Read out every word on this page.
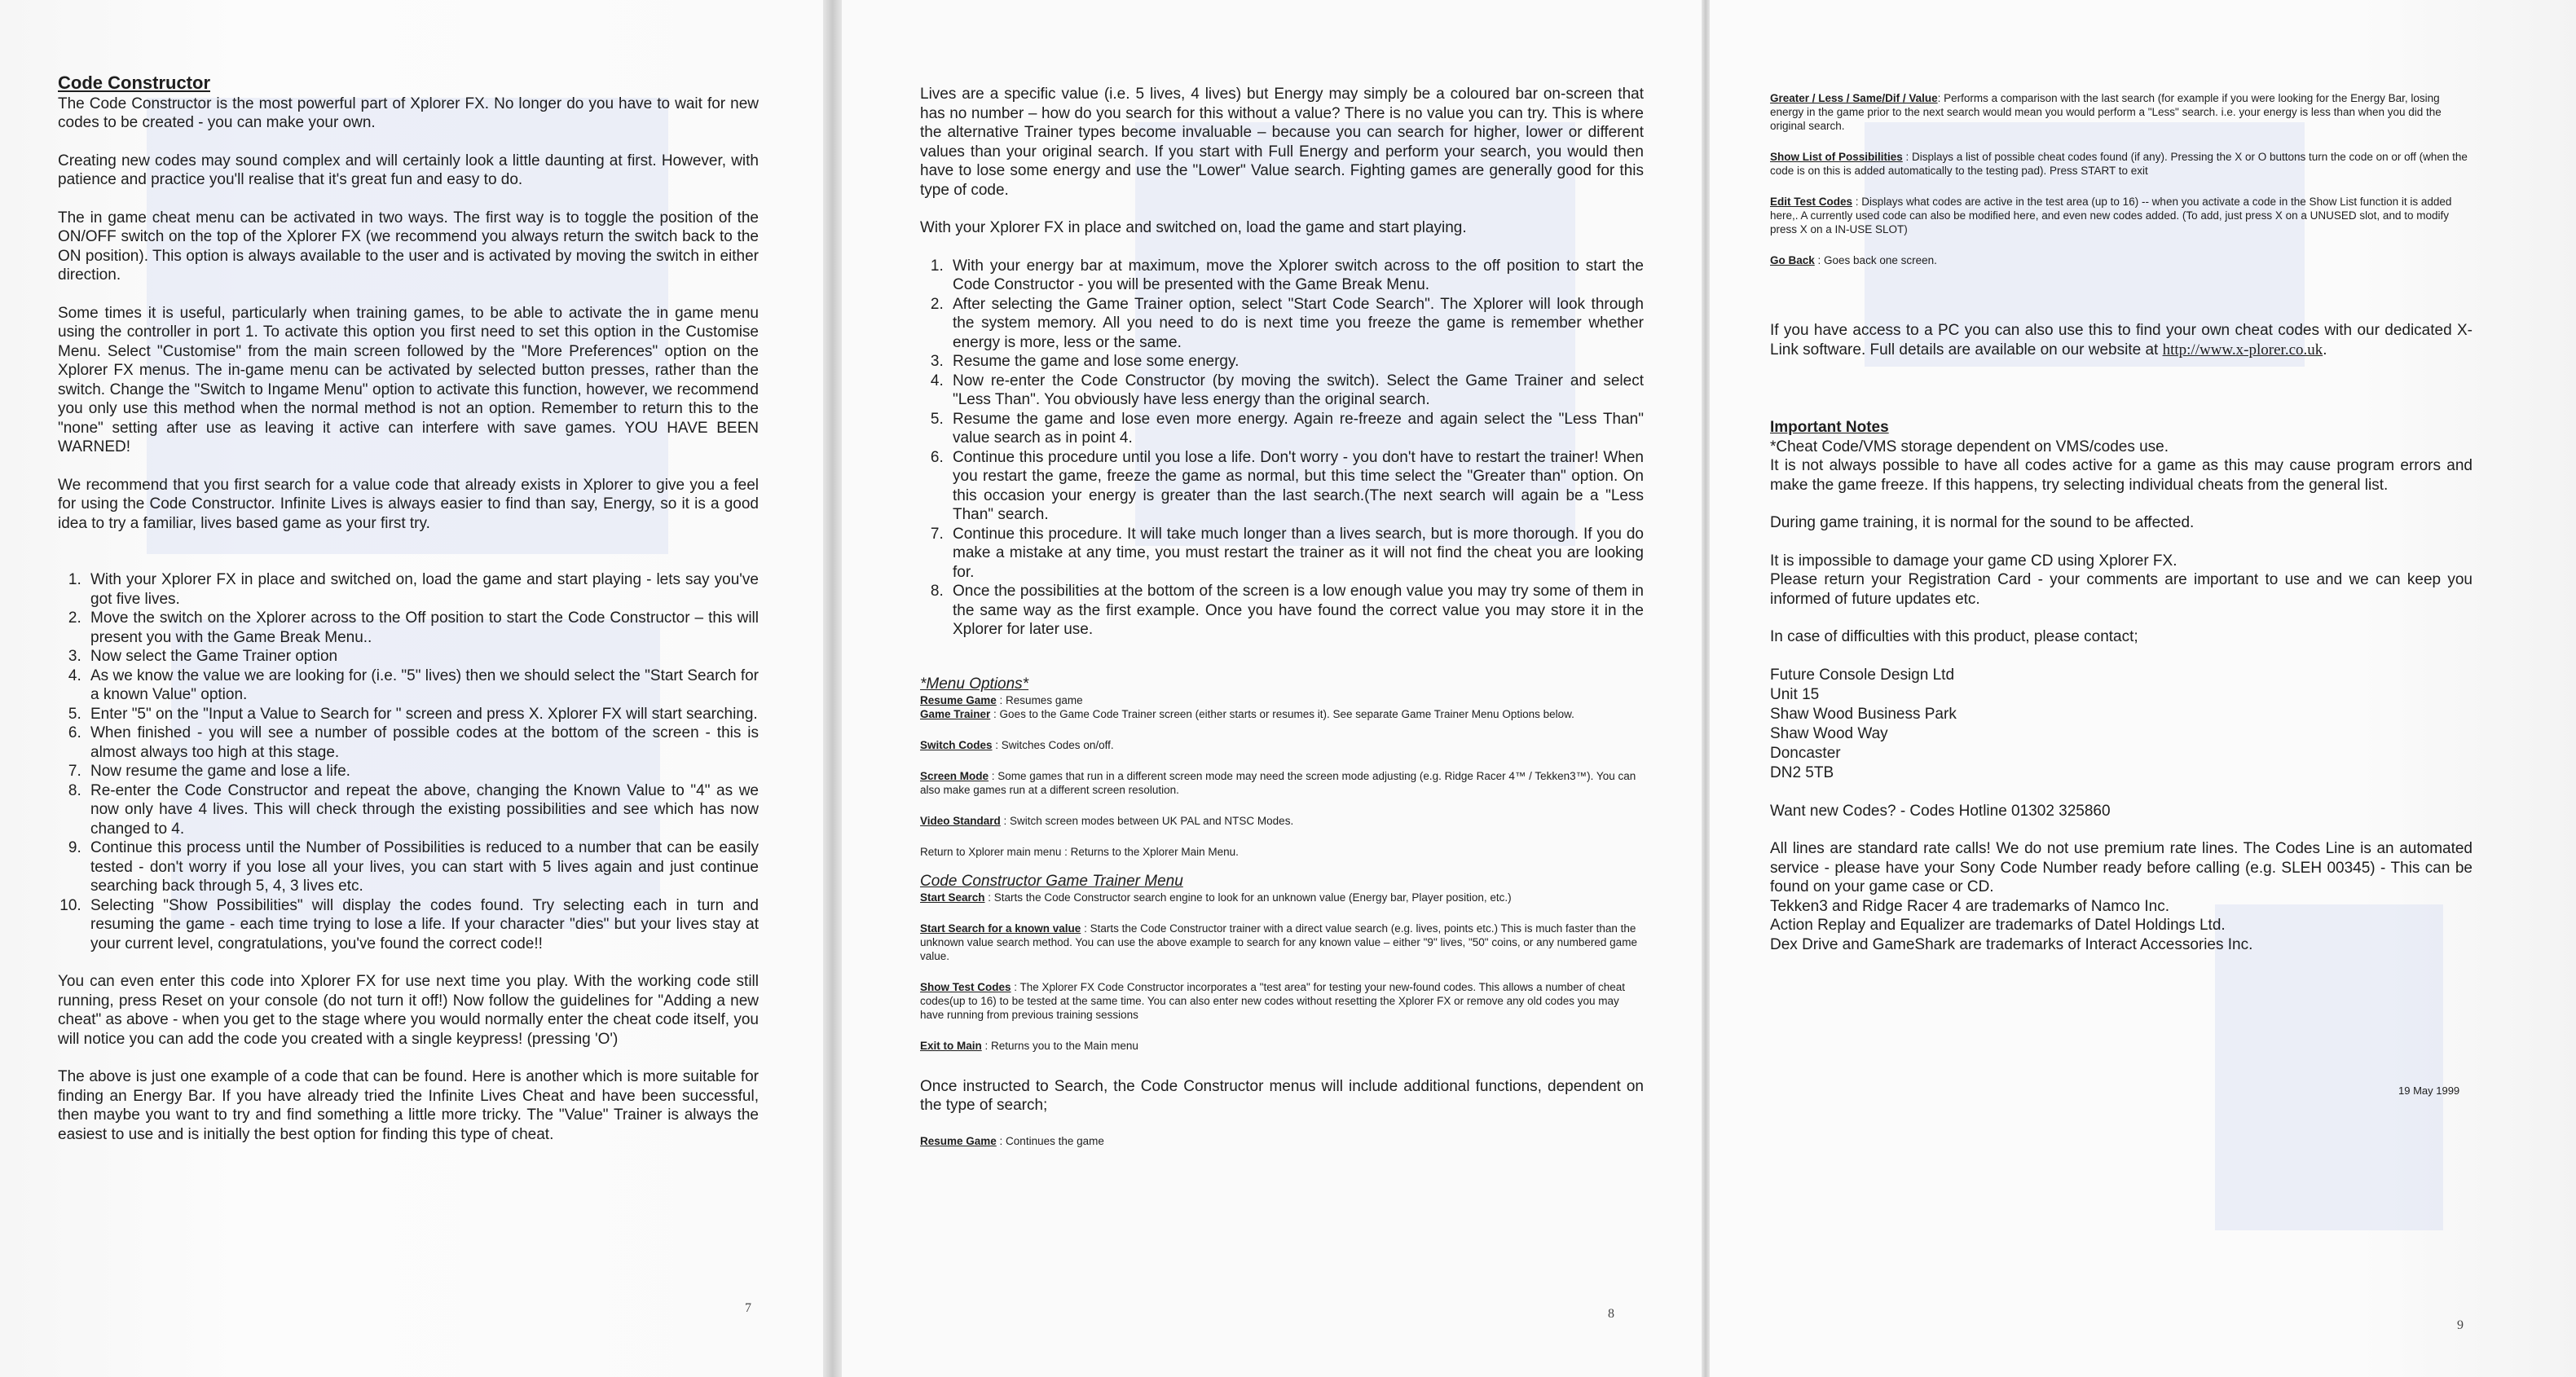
Code Constructor

The Code Constructor is the most powerful part of Xplorer FX. No longer do you have to wait for new codes to be created - you can make your own.

Creating new codes may sound complex and will certainly look a little daunting at first. However, with patience and practice you'll realise that it's great fun and easy to do.

The in game cheat menu can be activated in two ways. The first way is to toggle the position of the ON/OFF switch on the top of the Xplorer FX (we recommend you always return the switch back to the ON position). This option is always available to the user and is activated by moving the switch in either direction.

Some times it is useful, particularly when training games, to be able to activate the in game menu using the controller in port 1. To activate this option you first need to set this option in the Customise Menu. Select "Customise" from the main screen followed by the "More Preferences" option on the Xplorer FX menus. The in-game menu can be activated by selected button presses, rather than the switch. Change the "Switch to Ingame Menu" option to activate this function, however, we recommend you only use this method when the normal method is not an option. Remember to return this to the "none" setting after use as leaving it active can interfere with save games. YOU HAVE BEEN WARNED!

We recommend that you first search for a value code that already exists in Xplorer to give you a feel for using the Code Constructor. Infinite Lives is always easier to find than say, Energy, so it is a good idea to try a familiar, lives based game as your first try.

1. With your Xplorer FX in place and switched on, load the game and start playing - lets say you've got five lives.
2. Move the switch on the Xplorer across to the Off position to start the Code Constructor – this will present you with the Game Break Menu..
3. Now select the Game Trainer option
4. As we know the value we are looking for (i.e. "5" lives) then we should select the "Start Search for a known Value" option.
5. Enter "5" on the "Input a Value to Search for " screen and press X. Xplorer FX will start searching.
6. When finished - you will see a number of possible codes at the bottom of the screen - this is almost always too high at this stage.
7. Now resume the game and lose a life.
8. Re-enter the Code Constructor and repeat the above, changing the Known Value to "4" as we now only have 4 lives. This will check through the existing possibilities and see which has now changed to 4.
9. Continue this process until the Number of Possibilities is reduced to a number that can be easily tested - don't worry if you lose all your lives, you can start with 5 lives again and just continue searching back through 5, 4, 3 lives etc.
10. Selecting "Show Possibilities" will display the codes found. Try selecting each in turn and resuming the game - each time trying to lose a life. If your character "dies" but your lives stay at your current level, congratulations, you've found the correct code!!

You can even enter this code into Xplorer FX for use next time you play. With the working code still running, press Reset on your console (do not turn it off!) Now follow the guidelines for "Adding a new cheat" as above - when you get to the stage where you would normally enter the cheat code itself, you will notice you can add the code you created with a single keypress! (pressing 'O')

The above is just one example of a code that can be found. Here is another which is more suitable for finding an Energy Bar. If you have already tried the Infinite Lives Cheat and have been successful, then maybe you want to try and find something a little more tricky. The "Value" Trainer is always the easiest to use and is initially the best option for finding this type of cheat.

7

Lives are a specific value (i.e. 5 lives, 4 lives) but Energy may simply be a coloured bar on-screen that has no number – how do you search for this without a value? There is no value you can try. This is where the alternative Trainer types become invaluable – because you can search for higher, lower or different values than your original search. If you start with Full Energy and perform your search, you would then have to lose some energy and use the "Lower" Value search. Fighting games are generally good for this type of code.

With your Xplorer FX in place and switched on, load the game and start playing.

1. With your energy bar at maximum, move the Xplorer switch across to the off position to start the Code Constructor - you will be presented with the Game Break Menu.
2. After selecting the Game Trainer option, select "Start Code Search". The Xplorer will look through the system memory. All you need to do is next time you freeze the game is remember whether energy is more, less or the same.
3. Resume the game and lose some energy.
4. Now re-enter the Code Constructor (by moving the switch). Select the Game Trainer and select "Less Than". You obviously have less energy than the original search.
5. Resume the game and lose even more energy. Again re-freeze and again select the "Less Than" value search as in point 4.
6. Continue this procedure until you lose a life. Don't worry - you don't have to restart the trainer! When you restart the game, freeze the game as normal, but this time select the "Greater than" option. On this occasion your energy is greater than the last search.(The next search will again be a "Less Than" search.
7. Continue this procedure. It will take much longer than a lives search, but is more thorough. If you do make a mistake at any time, you must restart the trainer as it will not find the cheat you are looking for.
8. Once the possibilities at the bottom of the screen is a low enough value you may try some of them in the same way as the first example. Once you have found the correct value you may store it in the Xplorer for later use.
*Menu Options*
Resume Game : Resumes game

Game Trainer : Goes to the Game Code Trainer screen (either starts or resumes it). See separate Game Trainer Menu Options below.

Switch Codes : Switches Codes on/off.

Screen Mode : Some games that run in a different screen mode may need the screen mode adjusting (e.g. Ridge Racer 4™ / Tekken3™). You can also make games run at a different screen resolution.

Video Standard : Switch screen modes between UK PAL and NTSC Modes.

Return to Xplorer main menu : Returns to the Xplorer Main Menu.

Code Constructor Game Trainer Menu

Start Search : Starts the Code Constructor search engine to look for an unknown value (Energy bar, Player position, etc.)

Start Search for a known value : Starts the Code Constructor trainer with a direct value search (e.g. lives, points etc.) This is much faster than the unknown value search method. You can use the above example to search for any known value – either "9" lives, "50" coins, or any numbered game value.

Show Test Codes : The Xplorer FX Code Constructor incorporates a "test area" for testing your new-found codes. This allows a number of cheat codes(up to 16) to be tested at the same time. You can also enter new codes without resetting the Xplorer FX or remove any old codes you may have running from previous training sessions

Exit to Main : Returns you to the Main menu

Once instructed to Search, the Code Constructor menus will include additional functions, dependent on the type of search;

Resume Game : Continues the game
8

Greater / Less / Same/Dif / Value: Performs a comparison with the last search (for example if you were looking for the Energy Bar, losing energy in the game prior to the next search would mean you would perform a "Less" search. i.e. your energy is less than when you did the original search.

Show List of Possibilities : Displays a list of possible cheat codes found (if any). Pressing the X or O buttons turn the code on or off (when the code is on this is added automatically to the testing pad). Press START to exit

Edit Test Codes : Displays what codes are active in the test area (up to 16) -- when you activate a code in the Show List function it is added here,. A currently used code can also be modified here, and even new codes added. (To add, just press X on a UNUSED slot, and to modify press X on a IN-USE SLOT)

Go Back : Goes back one screen.

If you have access to a PC you can also use this to find your own cheat codes with our dedicated X-Link software. Full details are available on our website at http://www.x-plorer.co.uk.

Important Notes
*Cheat Code/VMS storage dependent on VMS/codes use.

It is not always possible to have all codes active for a game as this may cause program errors and make the game freeze. If this happens, try selecting individual cheats from the general list.

During game training, it is normal for the sound to be affected.

It is impossible to damage your game CD using Xplorer FX.

Please return your Registration Card - your comments are important to use and we can keep you informed of future updates etc.

In case of difficulties with this product, please contact;

Future Console Design Ltd
Unit 15
Shaw Wood Business Park
Shaw Wood Way
Doncaster
DN2 5TB

Want new Codes? - Codes Hotline 01302 325860

All lines are standard rate calls! We do not use premium rate lines. The Codes Line is an automated service - please have your Sony Code Number ready before calling (e.g. SLEH 00345) - This can be found on your game case or CD.
Tekken3 and Ridge Racer 4 are trademarks of Namco Inc.
Action Replay and Equalizer are trademarks of Datel Holdings Ltd.
Dex Drive and GameShark are trademarks of Interact Accessories Inc.
19 May 1999
9
